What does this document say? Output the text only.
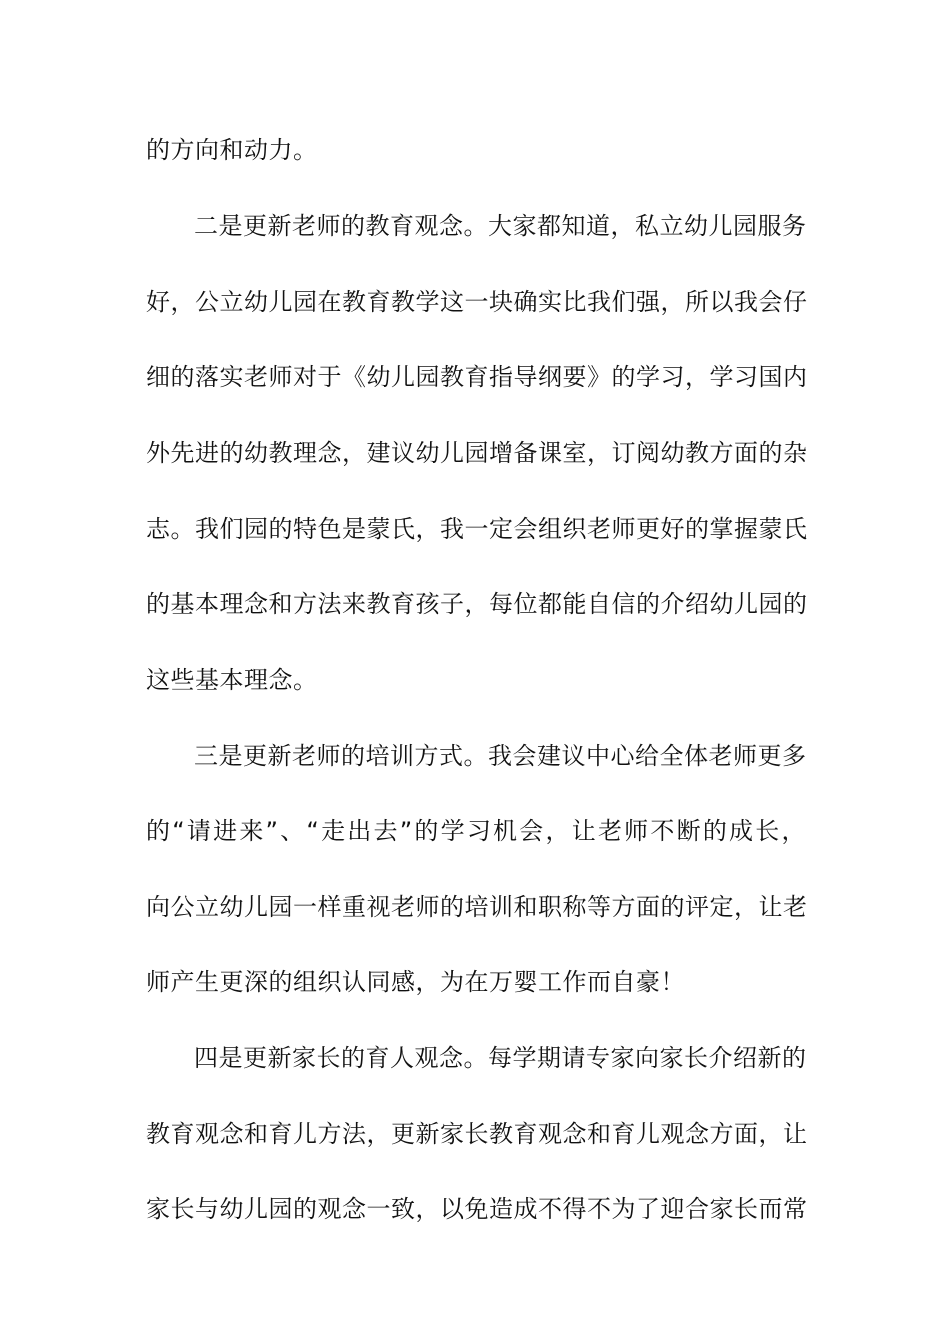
的方向和动力。
二是更新老师的教育观念。大家都知道，私立幼儿园服务
好，公立幼儿园在教育教学这一块确实比我们强，所以我会仔
细的落实老师对于《幼儿园教育指导纲要》的学习，学习国内
外先进的幼教理念，建议幼儿园增备课室，订阅幼教方面的杂
志。我们园的特色是蒙氏，我一定会组织老师更好的掌握蒙氏
的基本理念和方法来教育孩子，每位都能自信的介绍幼儿园的
这些基本理念。
三是更新老师的培训方式。我会建议中心给全体老师更多
的“请进来”、“走出去”的学习机会，让老师不断的成长，
向公立幼儿园一样重视老师的培训和职称等方面的评定，让老
师产生更深的组织认同感，为在万婴工作而自豪！
四是更新家长的育人观念。每学期请专家向家长介绍新的
教育观念和育儿方法，更新家长教育观念和育儿观念方面，让
家长与幼儿园的观念一致，以免造成不得不为了迎合家长而常
